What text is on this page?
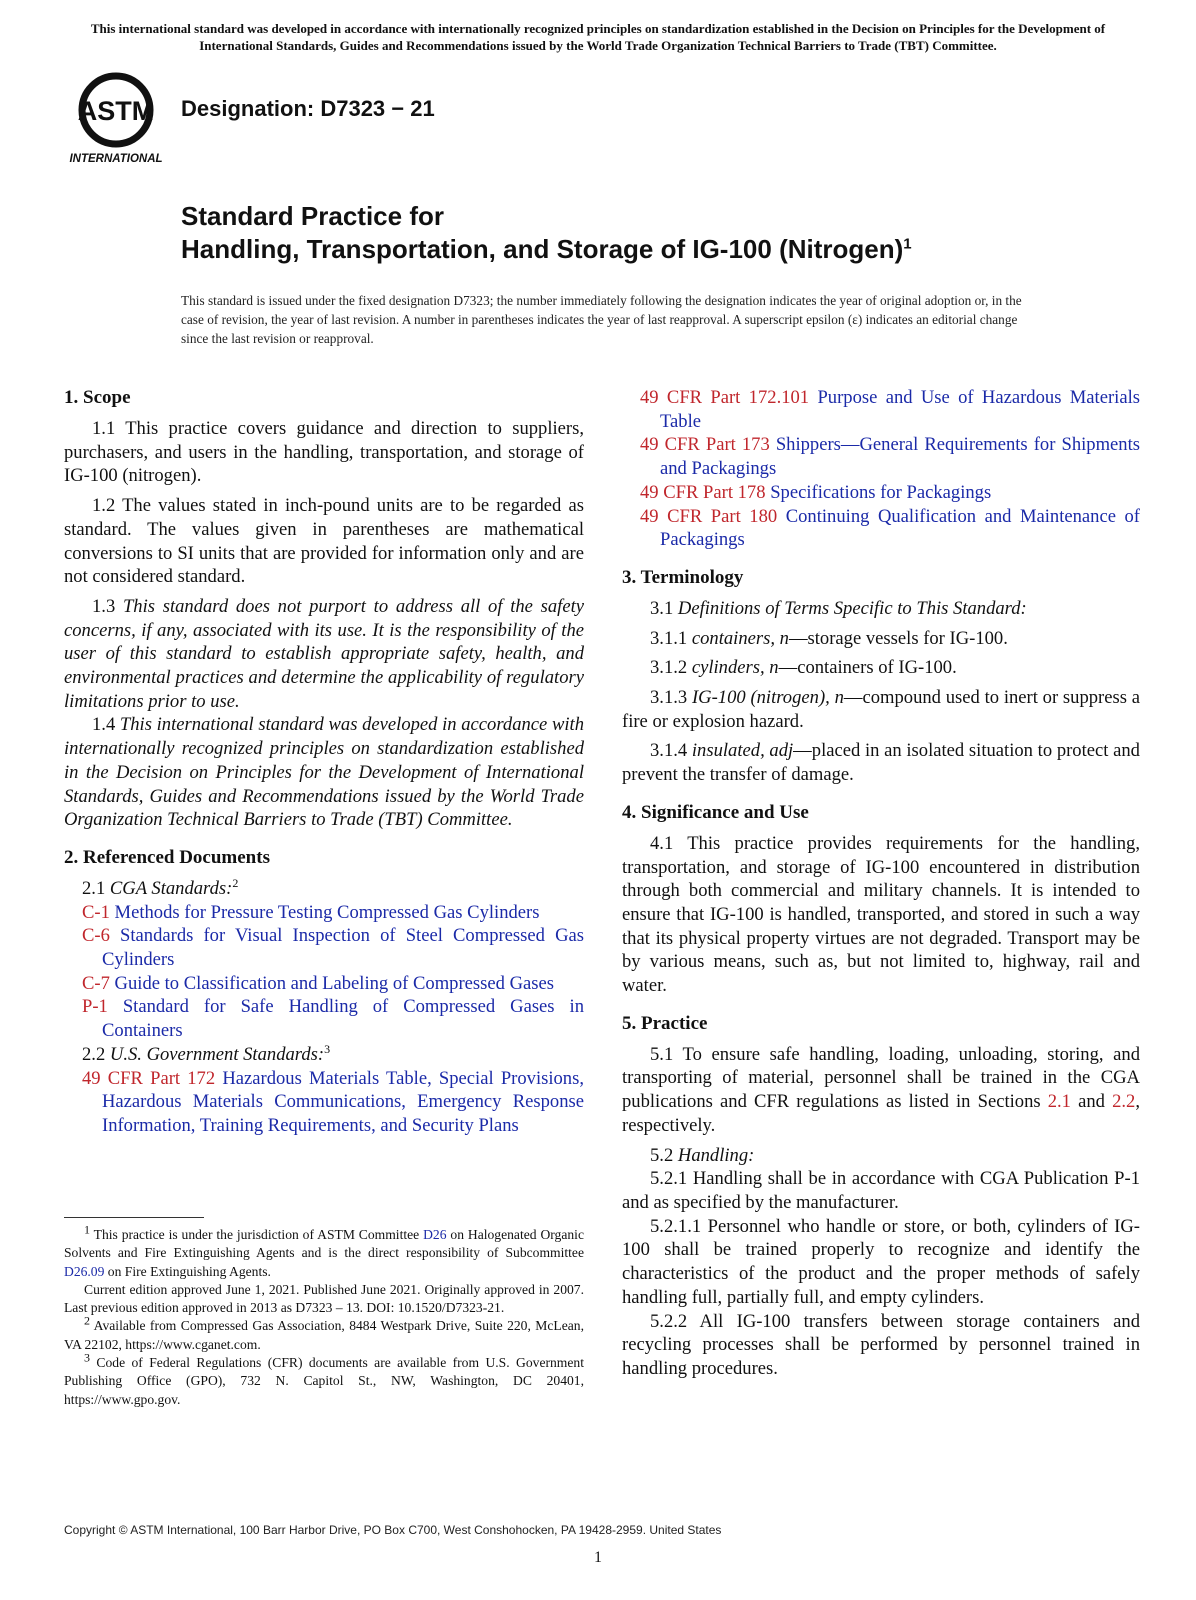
This international standard was developed in accordance with internationally recognized principles on standardization established in the Decision on Principles for the Development of International Standards, Guides and Recommendations issued by the World Trade Organization Technical Barriers to Trade (TBT) Committee.
ASTM
INTERNATIONAL
Designation: D7323 − 21
Standard Practice for
Handling, Transportation, and Storage of IG-100 (Nitrogen)$^1$
This standard is issued under the fixed designation D7323; the number immediately following the designation indicates the year of original adoption or, in the case of revision, the year of last revision. A number in parentheses indicates the year of last reapproval. A superscript epsilon (ε) indicates an editorial change since the last revision or reapproval.
1. Scope

1.1 This practice covers guidance and direction to suppliers, purchasers, and users in the handling, transportation, and storage of IG-100 (nitrogen).

1.2 The values stated in inch-pound units are to be regarded as standard. The values given in parentheses are mathematical conversions to SI units that are provided for information only and are not considered standard.

1.3 This standard does not purport to address all of the safety concerns, if any, associated with its use. It is the responsibility of the user of this standard to establish appropriate safety, health, and environmental practices and determine the applicability of regulatory limitations prior to use.

1.4 This international standard was developed in accordance with internationally recognized principles on standardization established in the Decision on Principles for the Development of International Standards, Guides and Recommendations issued by the World Trade Organization Technical Barriers to Trade (TBT) Committee.

2. Referenced Documents

2.1 CGA Standards:$^2$

C-1 Methods for Pressure Testing Compressed Gas Cylinders

C-6 Standards for Visual Inspection of Steel Compressed Gas Cylinders

C-7 Guide to Classification and Labeling of Compressed Gases

P-1 Standard for Safe Handling of Compressed Gases in Containers

2.2 U.S. Government Standards:$^3$

49 CFR Part 172 Hazardous Materials Table, Special Provisions, Hazardous Materials Communications, Emergency Response Information, Training Requirements, and Security Plans

49 CFR Part 172.101 Purpose and Use of Hazardous Materials Table

49 CFR Part 173 Shippers—General Requirements for Shipments and Packagings

49 CFR Part 178 Specifications for Packagings

49 CFR Part 180 Continuing Qualification and Maintenance of Packagings

3. Terminology

3.1 Definitions of Terms Specific to This Standard:

3.1.1 containers, n—storage vessels for IG-100.

3.1.2 cylinders, n—containers of IG-100.

3.1.3 IG-100 (nitrogen), n—compound used to inert or suppress a fire or explosion hazard.

3.1.4 insulated, adj—placed in an isolated situation to protect and prevent the transfer of damage.

4. Significance and Use

4.1 This practice provides requirements for the handling, transportation, and storage of IG-100 encountered in distribution through both commercial and military channels. It is intended to ensure that IG-100 is handled, transported, and stored in such a way that its physical property virtues are not degraded. Transport may be by various means, such as, but not limited to, highway, rail and water.

5. Practice

5.1 To ensure safe handling, loading, unloading, storing, and transporting of material, personnel shall be trained in the CGA publications and CFR regulations as listed in Sections 2.1 and 2.2, respectively.

5.2 Handling:

5.2.1 Handling shall be in accordance with CGA Publication P-1 and as specified by the manufacturer.

5.2.1.1 Personnel who handle or store, or both, cylinders of IG-100 shall be trained properly to recognize and identify the characteristics of the product and the proper methods of safely handling full, partially full, and empty cylinders.

5.2.2 All IG-100 transfers between storage containers and recycling processes shall be performed by personnel trained in handling procedures.

$^1$ This practice is under the jurisdiction of ASTM Committee D26 on Halogenated Organic Solvents and Fire Extinguishing Agents and is the direct responsibility of Subcommittee D26.09 on Fire Extinguishing Agents.

Current edition approved June 1, 2021. Published June 2021. Originally approved in 2007. Last previous edition approved in 2013 as D7323 – 13. DOI: 10.1520/D7323-21.

$^2$ Available from Compressed Gas Association, 8484 Westpark Drive, Suite 220, McLean, VA 22102, https://www.cganet.com.

$^3$ Code of Federal Regulations (CFR) documents are available from U.S. Government Publishing Office (GPO), 732 N. Capitol St., NW, Washington, DC 20401, https://www.gpo.gov.

Copyright © ASTM International, 100 Barr Harbor Drive, PO Box C700, West Conshohocken, PA 19428-2959. United States
1
